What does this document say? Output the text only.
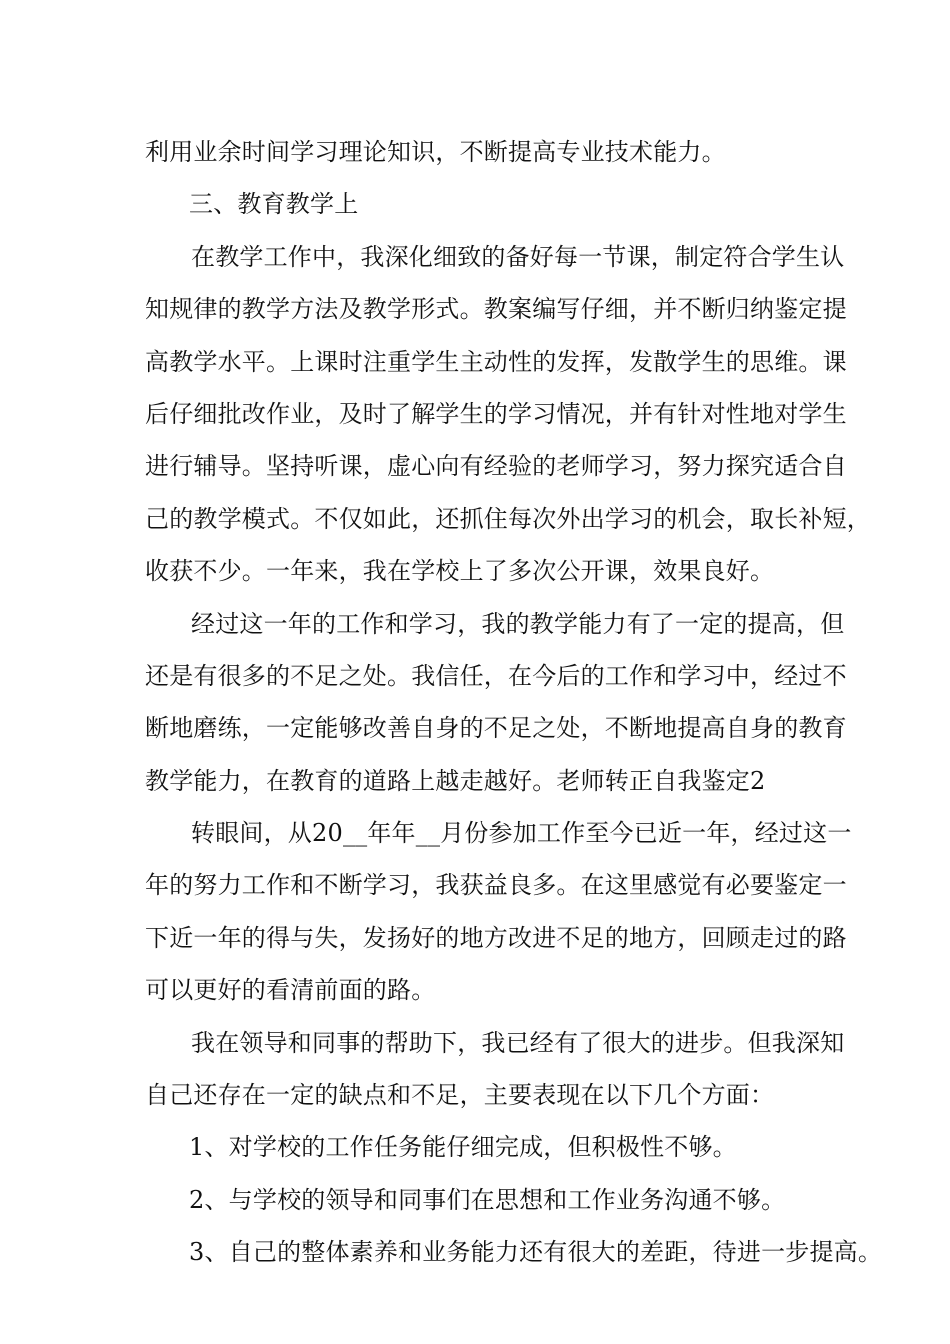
利用业余时间学习理论知识，不断提高专业技术能力。
三、教育教学上
在教学工作中，我深化细致的备好每一节课，制定符合学生认
知规律的教学方法及教学形式。教案编写仔细，并不断归纳鉴定提
高教学水平。上课时注重学生主动性的发挥，发散学生的思维。课
后仔细批改作业，及时了解学生的学习情况，并有针对性地对学生
进行辅导。坚持听课，虚心向有经验的老师学习，努力探究适合自
己的教学模式。不仅如此，还抓住每次外出学习的机会，取长补短，
收获不少。一年来，我在学校上了多次公开课，效果良好。
经过这一年的工作和学习，我的教学能力有了一定的提高，但
还是有很多的不足之处。我信任，在今后的工作和学习中，经过不
断地磨练，一定能够改善自身的不足之处，不断地提高自身的教育
教学能力，在教育的道路上越走越好。老师转正自我鉴定2
转眼间，从20__年年__月份参加工作至今已近一年，经过这一
年的努力工作和不断学习，我获益良多。在这里感觉有必要鉴定一
下近一年的得与失，发扬好的地方改进不足的地方，回顾走过的路
可以更好的看清前面的路。
我在领导和同事的帮助下，我已经有了很大的进步。但我深知
自己还存在一定的缺点和不足，主要表现在以下几个方面：
1、对学校的工作任务能仔细完成，但积极性不够。
2、与学校的领导和同事们在思想和工作业务沟通不够。
3、自己的整体素养和业务能力还有很大的差距，待进一步提高。
